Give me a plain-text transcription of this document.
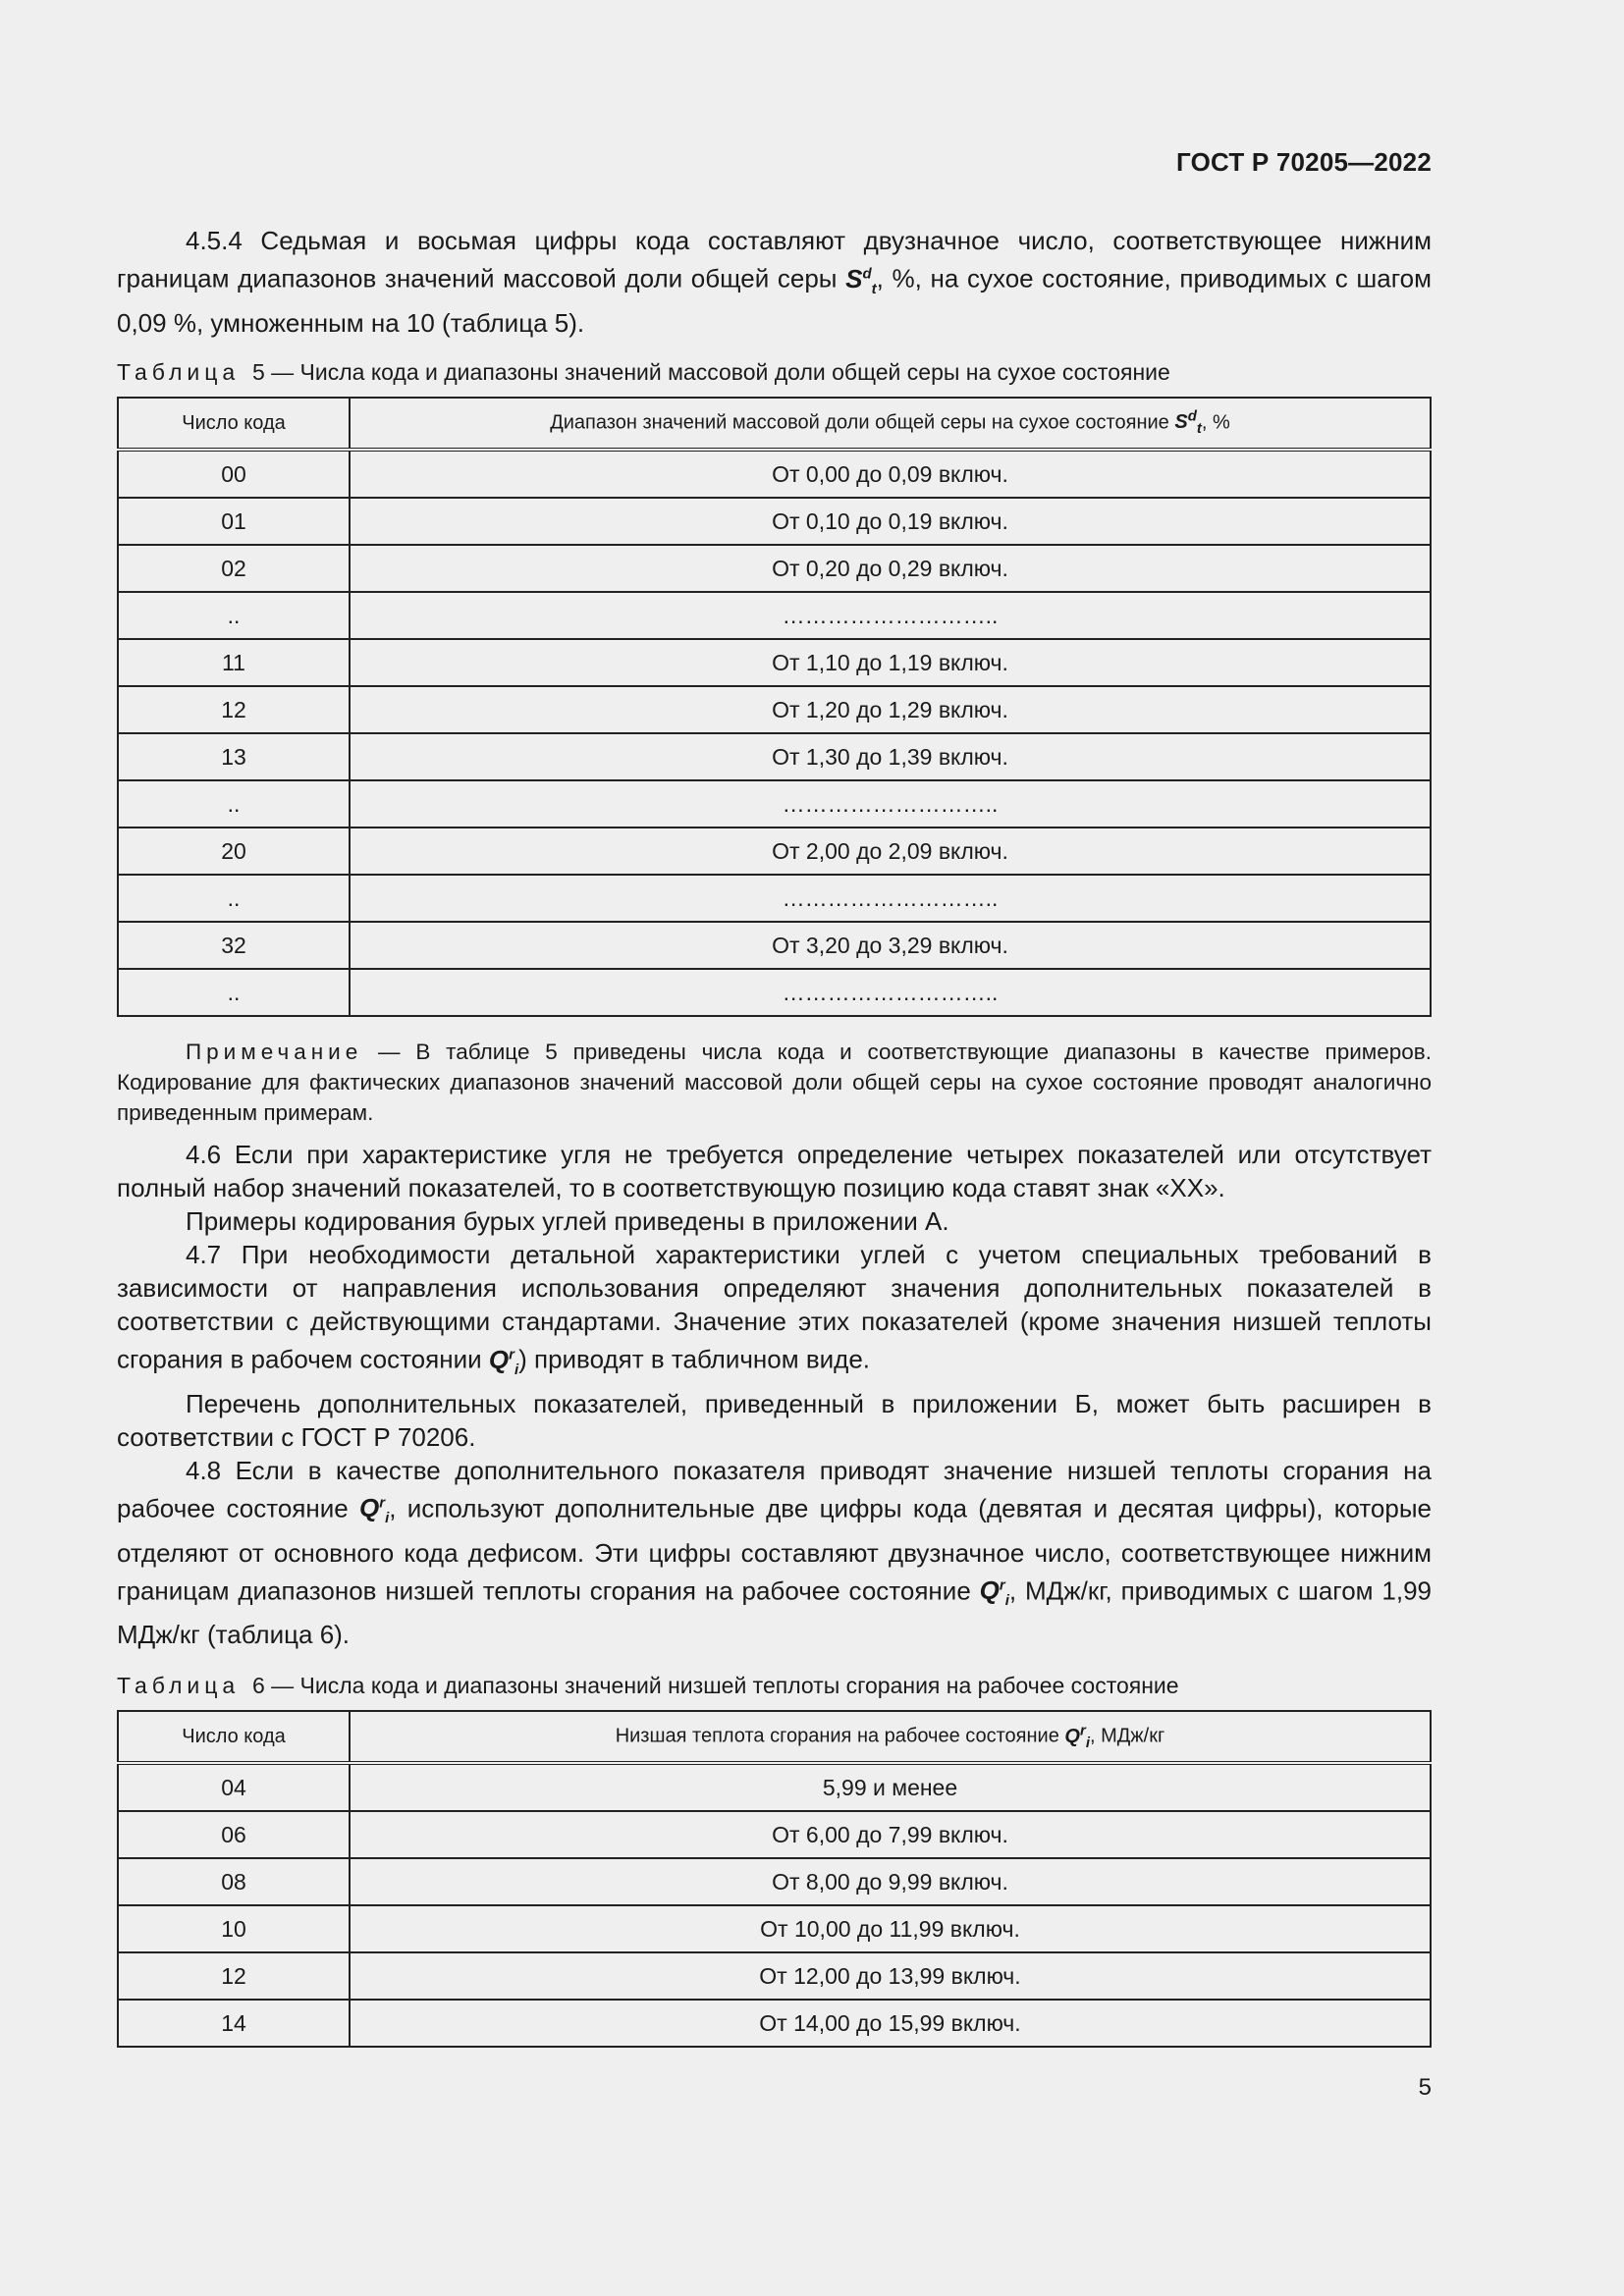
ГОСТ Р 70205—2022

4.5.4 Седьмая и восьмая цифры кода составляют двузначное число, соответствующее нижним границам диапазонов значений массовой доли общей серы $S^d_t$, %, на сухое состояние, приводимых с шагом 0,09 %, умноженным на 10 (таблица 5).

Таблица 5 — Числа кода и диапазоны значений массовой доли общей серы на сухое состояние
Число кода	Диапазон значений массовой доли общей серы на сухое состояние $S^d_t$, %
00	От 0,00 до 0,09 включ.
01	От 0,10 до 0,19 включ.
02	От 0,20 до 0,29 включ.
..	………………………..
11	От 1,10 до 1,19 включ.
12	От 1,20 до 1,29 включ.
13	От 1,30 до 1,39 включ.
..	………………………..
20	От 2,00 до 2,09 включ.
..	………………………..
32	От 3,20 до 3,29 включ.
..	………………………..

Примечание — В таблице 5 приведены числа кода и соответствующие диапазоны в качестве примеров. Кодирование для фактических диапазонов значений массовой доли общей серы на сухое состояние проводят аналогично приведенным примерам.

4.6 Если при характеристике угля не требуется определение четырех показателей или отсутствует полный набор значений показателей, то в соответствующую позицию кода ставят знак «XX».

Примеры кодирования бурых углей приведены в приложении А.

4.7 При необходимости детальной характеристики углей с учетом специальных требований в зависимости от направления использования определяют значения дополнительных показателей в соответствии с действующими стандартами. Значение этих показателей (кроме значения низшей теплоты сгорания в рабочем состоянии $Q^r_i$) приводят в табличном виде.

Перечень дополнительных показателей, приведенный в приложении Б, может быть расширен в соответствии с ГОСТ Р 70206.

4.8 Если в качестве дополнительного показателя приводят значение низшей теплоты сгорания на рабочее состояние $Q^r_i$, используют дополнительные две цифры кода (девятая и десятая цифры), которые отделяют от основного кода дефисом. Эти цифры составляют двузначное число, соответствующее нижним границам диапазонов низшей теплоты сгорания на рабочее состояние $Q^r_i$, МДж/кг, приводимых с шагом 1,99 МДж/кг (таблица 6).

Таблица 6 — Числа кода и диапазоны значений низшей теплоты сгорания на рабочее состояние
Число кода	Низшая теплота сгорания на рабочее состояние $Q^r_i$, МДж/кг
04	5,99 и менее
06	От 6,00 до 7,99 включ.
08	От 8,00 до 9,99 включ.
10	От 10,00 до 11,99 включ.
12	От 12,00 до 13,99 включ.
14	От 14,00 до 15,99 включ.
5
